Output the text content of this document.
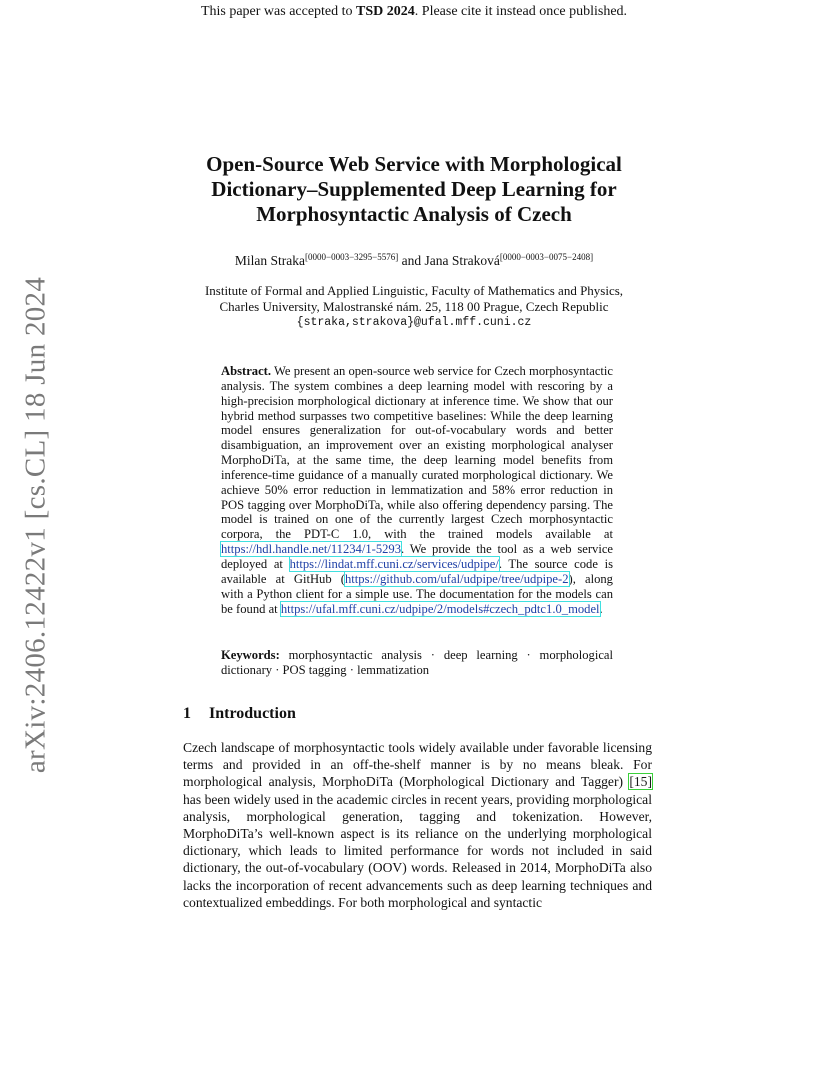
This paper was accepted to TSD 2024. Please cite it instead once published.
arXiv:2406.12422v1 [cs.CL] 18 Jun 2024
Open-Source Web Service with Morphological
Dictionary–Supplemented Deep Learning for
Morphosyntactic Analysis of Czech
Milan Straka[0000−0003−3295−5576] and Jana Straková[0000−0003−0075−2408]
Institute of Formal and Applied Linguistic, Faculty of Mathematics and Physics,
Charles University, Malostranské nám. 25, 118 00 Prague, Czech Republic
{straka,strakova}@ufal.mff.cuni.cz
Abstract. We present an open-source web service for Czech morphosyntactic analysis. The system combines a deep learning model with rescoring by a high-precision morphological dictionary at inference time. We show that our hybrid method surpasses two competitive baselines: While the deep learning model ensures generalization for out-of-vocabulary words and better disambiguation, an improvement over an existing morphological analyser MorphoDiTa, at the same time, the deep learning model benefits from inference-time guidance of a manually curated morphological dictionary. We achieve 50% error reduction in lemmatization and 58% error reduction in POS tagging over MorphoDiTa, while also offering dependency parsing. The model is trained on one of the currently largest Czech morphosyntactic corpora, the PDT-C 1.0, with the trained models available at https://hdl.handle.net/11234/1-5293. We provide the tool as a web service deployed at https://lindat.mff.cuni.cz/services/udpipe/. The source code is available at GitHub (https://github.com/ufal/udpipe/tree/udpipe-2), along with a Python client for a simple use. The documentation for the models can be found at https://ufal.mff.cuni.cz/udpipe/2/models#czech_pdtc1.0_model.
Keywords: morphosyntactic analysis · deep learning · morphological dictionary · POS tagging · lemmatization
1 Introduction
Czech landscape of morphosyntactic tools widely available under favorable licensing terms and provided in an off-the-shelf manner is by no means bleak. For morphological analysis, MorphoDiTa (Morphological Dictionary and Tagger) [15] has been widely used in the academic circles in recent years, providing morphological analysis, morphological generation, tagging and tokenization. However, MorphoDiTa’s well-known aspect is its reliance on the underlying morphological dictionary, which leads to limited performance for words not included in said dictionary, the out-of-vocabulary (OOV) words. Released in 2014, MorphoDiTa also lacks the incorporation of recent advancements such as deep learning techniques and contextualized embeddings. For both morphological and syntactic
